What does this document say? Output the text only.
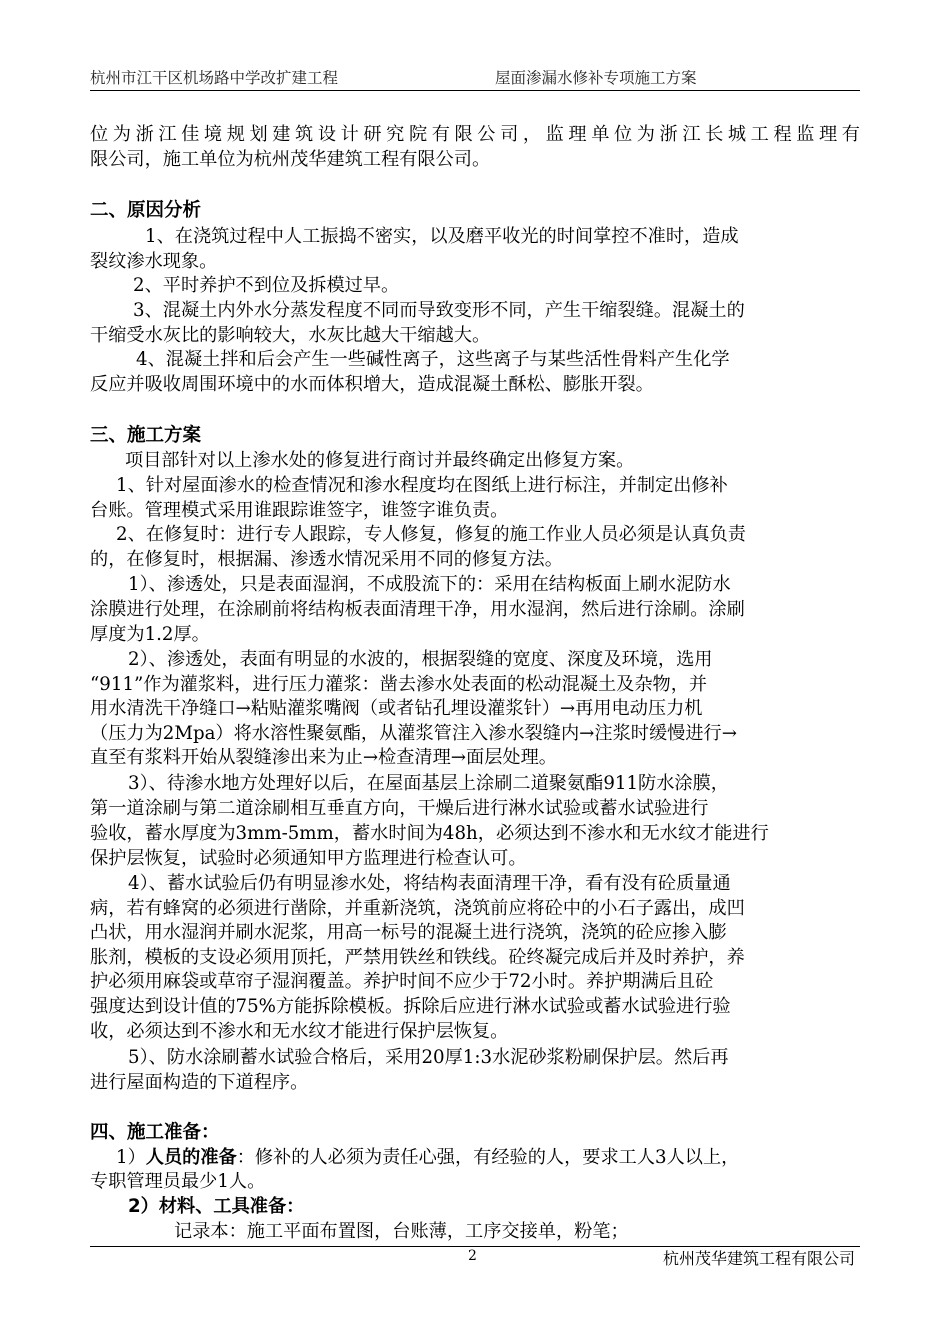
杭州市江干区机场路中学改扩建工程	屋面渗漏水修补专项施工方案
位为浙江佳境规划建筑设计研究院有限公司，监理单位为浙江长城工程监理有
限公司，施工单位为杭州茂华建筑工程有限公司。
二、原因分析
1、在浇筑过程中人工振捣不密实，以及磨平收光的时间掌控不准时，造成
裂纹渗水现象。
2、平时养护不到位及拆模过早。
3、混凝土内外水分蒸发程度不同而导致变形不同，产生干缩裂缝。混凝土的
干缩受水灰比的影响较大，水灰比越大干缩越大。
4、混凝土拌和后会产生一些碱性离子，这些离子与某些活性骨料产生化学
反应并吸收周围环境中的水而体积增大，造成混凝土酥松、膨胀开裂。
三、施工方案
项目部针对以上渗水处的修复进行商讨并最终确定出修复方案。
1、针对屋面渗水的检查情况和渗水程度均在图纸上进行标注，并制定出修补
台账。管理模式采用谁跟踪谁签字，谁签字谁负责。
2、在修复时：进行专人跟踪，专人修复，修复的施工作业人员必须是认真负责
的，在修复时，根据漏、渗透水情况采用不同的修复方法。
1）、渗透处，只是表面湿润，不成股流下的：采用在结构板面上刷水泥防水
涂膜进行处理，在涂刷前将结构板表面清理干净，用水湿润，然后进行涂刷。涂刷
厚度为1.2厚。
2）、渗透处，表面有明显的水波的，根据裂缝的宽度、深度及环境，选用
“911”作为灌浆料，进行压力灌浆：凿去渗水处表面的松动混凝土及杂物，并
用水清洗干净缝口→粘贴灌浆嘴阀（或者钻孔埋设灌浆针）→再用电动压力机
（压力为2Mpa）将水溶性聚氨酯，从灌浆管注入渗水裂缝内→注浆时缓慢进行→
直至有浆料开始从裂缝渗出来为止→检查清理→面层处理。
3）、待渗水地方处理好以后，在屋面基层上涂刷二道聚氨酯911防水涂膜，
第一道涂刷与第二道涂刷相互垂直方向，干燥后进行淋水试验或蓄水试验进行
验收，蓄水厚度为3mm-5mm，蓄水时间为48h，必须达到不渗水和无水纹才能进行
保护层恢复，试验时必须通知甲方监理进行检查认可。
4）、蓄水试验后仍有明显渗水处，将结构表面清理干净，看有没有砼质量通
病，若有蜂窝的必须进行凿除，并重新浇筑，浇筑前应将砼中的小石子露出，成凹
凸状，用水湿润并刷水泥浆，用高一标号的混凝土进行浇筑，浇筑的砼应掺入膨
胀剂，模板的支设必须用顶托，严禁用铁丝和铁线。砼终凝完成后并及时养护，养
护必须用麻袋或草帘子湿润覆盖。养护时间不应少于72小时。养护期满后且砼
强度达到设计值的75%方能拆除模板。拆除后应进行淋水试验或蓄水试验进行验
收，必须达到不渗水和无水纹才能进行保护层恢复。
5）、防水涂刷蓄水试验合格后，采用20厚1:3水泥砂浆粉刷保护层。然后再
进行屋面构造的下道程序。
四、施工准备：
1）人员的准备：修补的人必须为责任心强，有经验的人，要求工人3人以上，
专职管理员最少1人。
2）材料、工具准备：
记录本：施工平面布置图，台账薄，工序交接单，粉笔；
2	杭州茂华建筑工程有限公司
